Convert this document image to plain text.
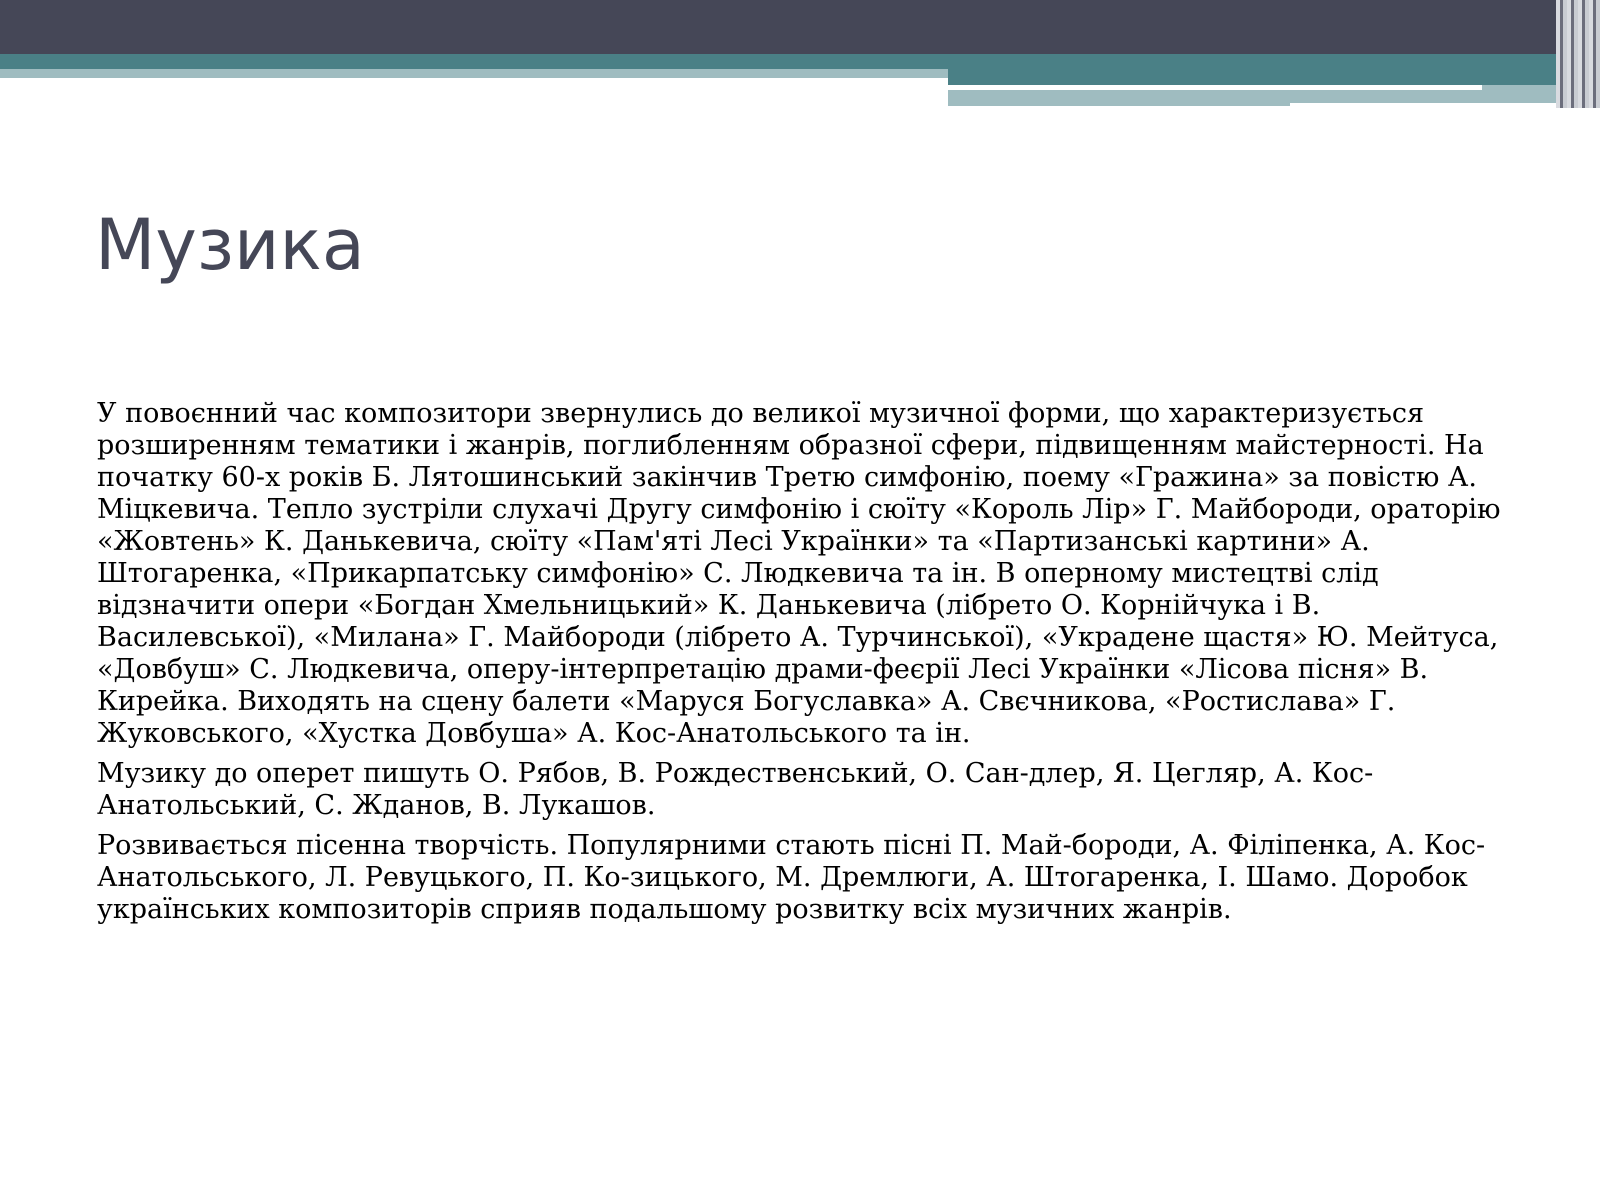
Музика

У повоєнний час композитори звернулись до великої музичної форми, що характеризується розширенням тематики і жанрів, поглибленням образної сфери, підвищенням майстерності. На початку 60-х років Б. Лятошинський закінчив Третю симфонію, поему «Гражина» за повістю А. Міцкевича. Тепло зустріли слухачі Другу симфонію і сюїту «Король Лір» Г. Майбороди, ораторію «Жовтень» К. Данькевича, сюїту «Пам'яті Лесі Українки» та «Партизанські картини» А. Штогаренка, «Прикарпатську симфонію» С. Людкевича та ін. В оперному мистецтві слід відзначити опери «Богдан Хмельницький» К. Данькевича (лібрето О. Корнійчука і В. Василевської), «Милана» Г. Майбороди (лібрето А. Турчинської), «Украдене щастя» Ю. Мейтуса, «Довбуш» С. Людкевича, оперу-інтерпретацію драми-феєрії Лесі Українки «Лісова пісня» В. Кирейка. Виходять на сцену балети «Маруся Богуславка» А. Свєчникова, «Ростислава» Г. Жуковського, «Хустка Довбуша» А. Кос-Анатольського та ін.

Музику до оперет пишуть О. Рябов, В. Рождественський, О. Сан-длер, Я. Цегляр, А. Кос-Анатольський, С. Жданов, В. Лукашов.

Розвивається пісенна творчість. Популярними стають пісні П. Май-бороди, А. Філіпенка, А. Кос-Анатольського, Л. Ревуцького, П. Ко-зицького, М. Дремлюги, А. Штогаренка, І. Шамо. Доробок українських композиторів сприяв подальшому розвитку всіх музичних жанрів.
